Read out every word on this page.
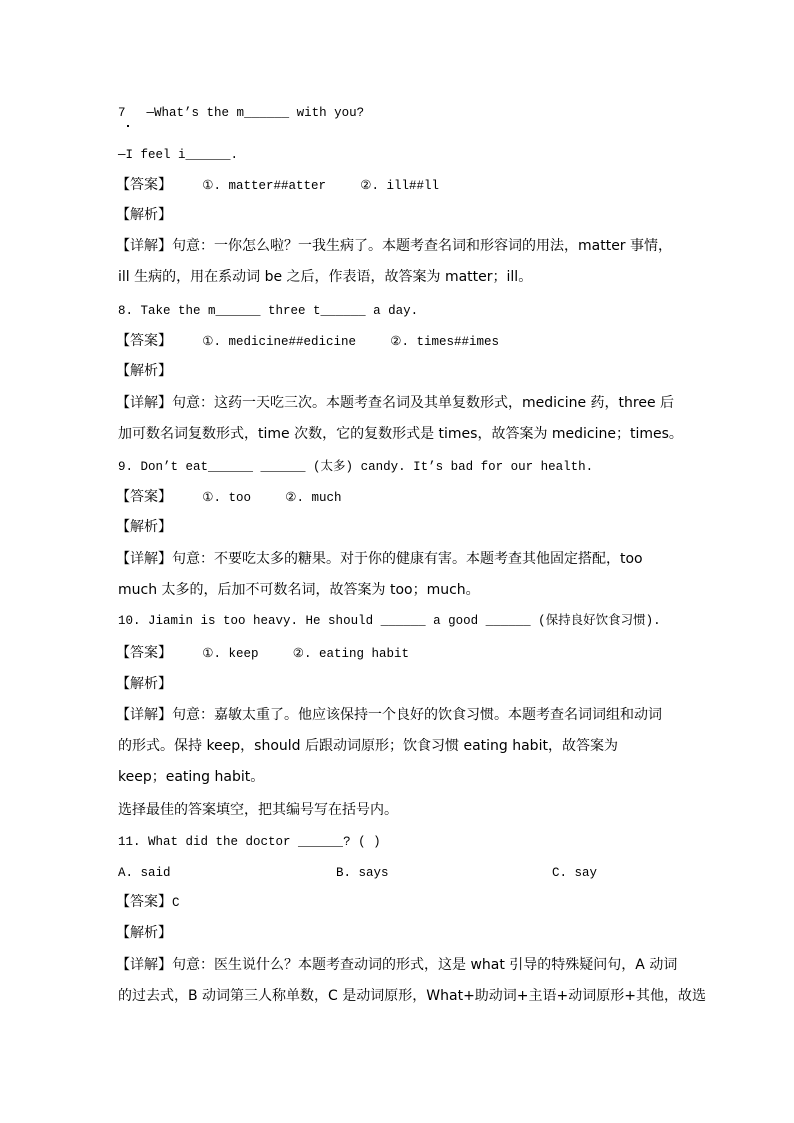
7 —What’s the m______ with you?
—I feel i______.
【答案】 ①. matter##atter	②. ill##ll
【解析】
【详解】句意：一你怎么啦？一我生病了。本题考查名词和形容词的用法，matter 事情，
ill 生病的，用在系动词 be 之后，作表语，故答案为 matter；ill。
8. Take the m______ three t______ a day.
【答案】 ①. medicine##edicine	②. times##imes
【解析】
【详解】句意：这药一天吃三次。本题考查名词及其单复数形式，medicine 药，three 后
加可数名词复数形式，time 次数，它的复数形式是 times，故答案为 medicine；times。
9. Don’t eat______ ______ (太多) candy. It’s bad for our health.
【答案】 ①. too	②. much
【解析】
【详解】句意：不要吃太多的糖果。对于你的健康有害。本题考查其他固定搭配，too
much 太多的，后加不可数名词，故答案为 too；much。
10. Jiamin is too heavy. He should ______ a good ______ (保持良好饮食习惯).
【答案】 ①. keep	②. eating habit
【解析】
【详解】句意：嘉敏太重了。他应该保持一个良好的饮食习惯。本题考查名词词组和动词
的形式。保持 keep，should 后跟动词原形；饮食习惯 eating habit，故答案为
keep；eating habit。
选择最佳的答案填空，把其编号写在括号内。
11. What did the doctor ______? ( )
A. said	B. says	C. say
【答案】C
【解析】
【详解】句意：医生说什么？本题考查动词的形式，这是 what 引导的特殊疑问句，A 动词
的过去式，B 动词第三人称单数，C 是动词原形，What+助动词+主语+动词原形+其他，故选
